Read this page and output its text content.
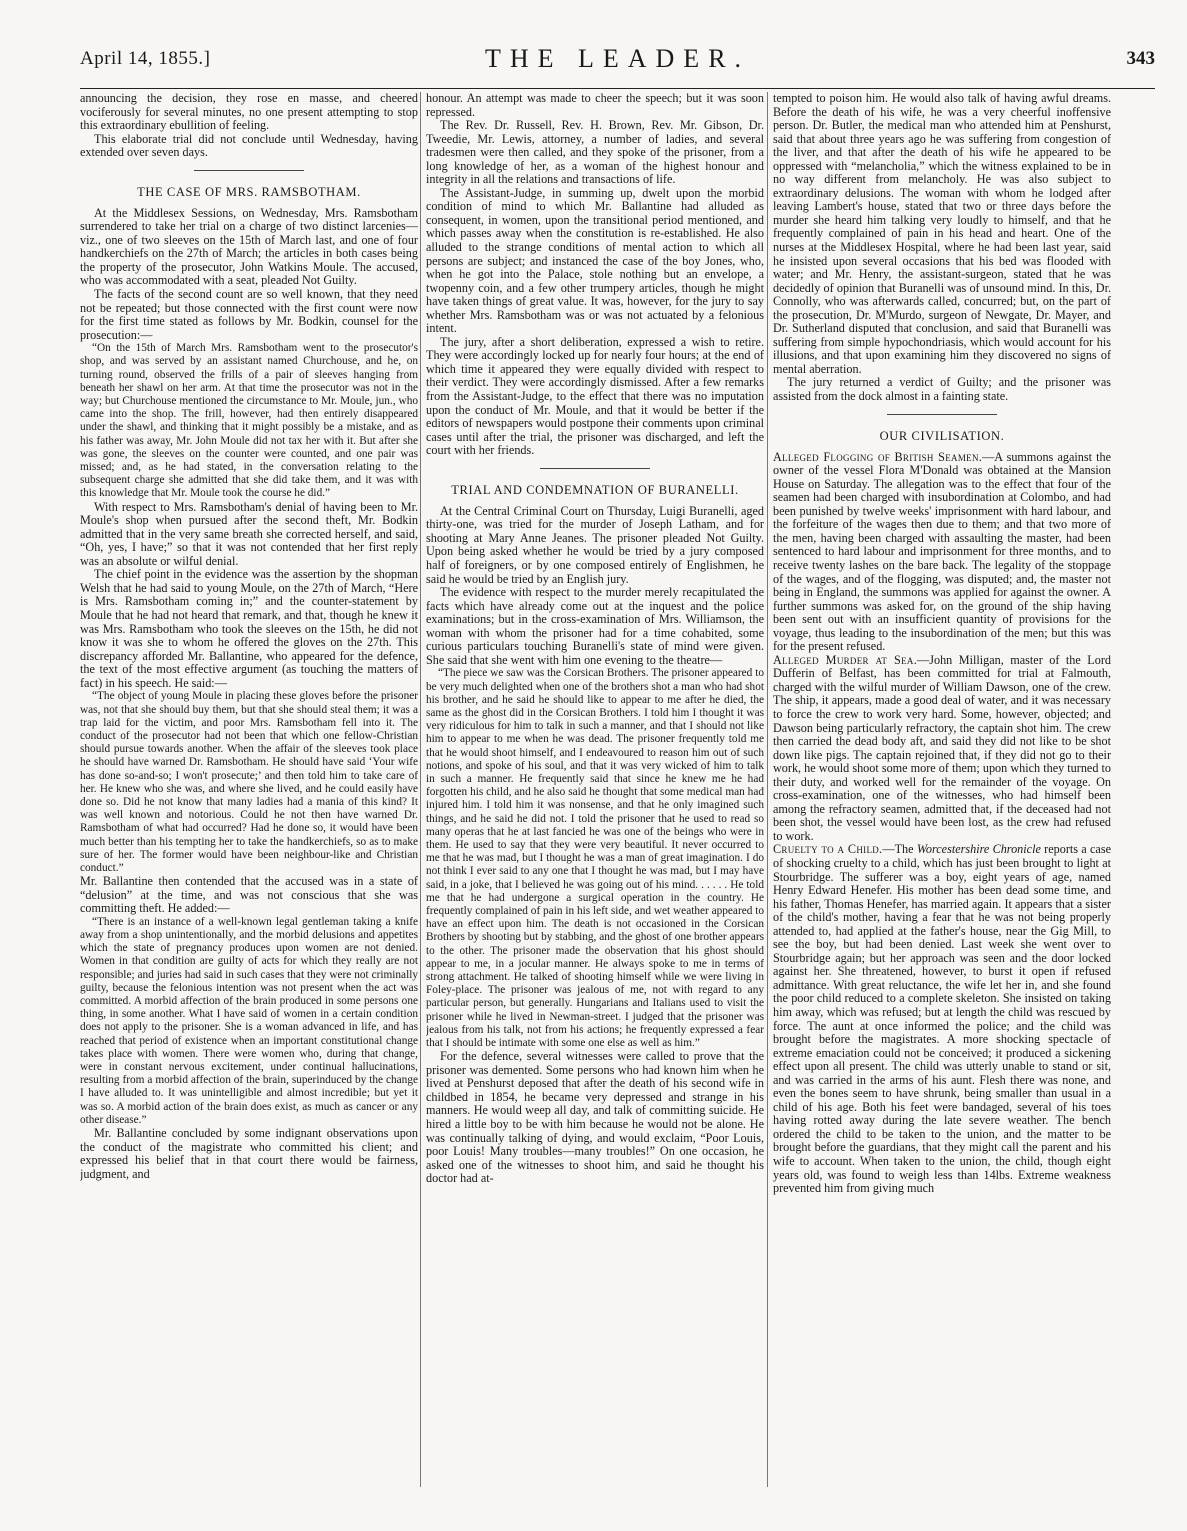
April 14, 1855.]	THE LEADER.	343

announcing the decision, they rose en masse, and cheered vociferously for several minutes, no one present attempting to stop this extraordinary ebullition of feeling.

This elaborate trial did not conclude until Wednesday, having extended over seven days.

THE CASE OF MRS. RAMSBOTHAM.

At the Middlesex Sessions, on Wednesday, Mrs. Ramsbotham surrendered to take her trial on a charge of two distinct larcenies—viz., one of two sleeves on the 15th of March last, and one of four handkerchiefs on the 27th of March; the articles in both cases being the property of the prosecutor, John Watkins Moule. The accused, who was accommodated with a seat, pleaded Not Guilty.

The facts of the second count are so well known, that they need not be repeated; but those connected with the first count were now for the first time stated as follows by Mr. Bodkin, counsel for the prosecution:—

“On the 15th of March Mrs. Ramsbotham went to the prosecutor's shop, and was served by an assistant named Churchouse, and he, on turning round, observed the frills of a pair of sleeves hanging from beneath her shawl on her arm. At that time the prosecutor was not in the way; but Churchouse mentioned the circumstance to Mr. Moule, jun., who came into the shop. The frill, however, had then entirely disappeared under the shawl, and thinking that it might possibly be a mistake, and as his father was away, Mr. John Moule did not tax her with it. But after she was gone, the sleeves on the counter were counted, and one pair was missed; and, as he had stated, in the conversation relating to the subsequent charge she admitted that she did take them, and it was with this knowledge that Mr. Moule took the course he did.”

With respect to Mrs. Ramsbotham's denial of having been to Mr. Moule's shop when pursued after the second theft, Mr. Bodkin admitted that in the very same breath she corrected herself, and said, “Oh, yes, I have;” so that it was not contended that her first reply was an absolute or wilful denial.

The chief point in the evidence was the assertion by the shopman Welsh that he had said to young Moule, on the 27th of March, “Here is Mrs. Ramsbotham coming in;” and the counter-statement by Moule that he had not heard that remark, and that, though he knew it was Mrs. Ramsbotham who took the sleeves on the 15th, he did not know it was she to whom he offered the gloves on the 27th. This discrepancy afforded Mr. Ballantine, who appeared for the defence, the text of the most effective argument (as touching the matters of fact) in his speech. He said:—

“The object of young Moule in placing these gloves before the prisoner was, not that she should buy them, but that she should steal them; it was a trap laid for the victim, and poor Mrs. Ramsbotham fell into it. The conduct of the prosecutor had not been that which one fellow-Christian should pursue towards another. When the affair of the sleeves took place he should have warned Dr. Ramsbotham. He should have said ‘Your wife has done so-and-so; I won't prosecute;’ and then told him to take care of her. He knew who she was, and where she lived, and he could easily have done so. Did he not know that many ladies had a mania of this kind? It was well known and notorious. Could he not then have warned Dr. Ramsbotham of what had occurred? Had he done so, it would have been much better than his tempting her to take the handkerchiefs, so as to make sure of her. The former would have been neighbour-like and Christian conduct.”

Mr. Ballantine then contended that the accused was in a state of “delusion” at the time, and was not conscious that she was committing theft. He added:—

“There is an instance of a well-known legal gentleman taking a knife away from a shop unintentionally, and the morbid delusions and appetites which the state of pregnancy produces upon women are not denied. Women in that condition are guilty of acts for which they really are not responsible; and juries had said in such cases that they were not criminally guilty, because the felonious intention was not present when the act was committed. A morbid affection of the brain produced in some persons one thing, in some another. What I have said of women in a certain condition does not apply to the prisoner. She is a woman advanced in life, and has reached that period of existence when an important constitutional change takes place with women. There were women who, during that change, were in constant nervous excitement, under continual hallucinations, resulting from a morbid affection of the brain, superinduced by the change I have alluded to. It was unintelligible and almost incredible; but yet it was so. A morbid action of the brain does exist, as much as cancer or any other disease.”

Mr. Ballantine concluded by some indignant observations upon the conduct of the magistrate who committed his client; and expressed his belief that in that court there would be fairness, judgment, and

honour. An attempt was made to cheer the speech; but it was soon repressed.

The Rev. Dr. Russell, Rev. H. Brown, Rev. Mr. Gibson, Dr. Tweedie, Mr. Lewis, attorney, a number of ladies, and several tradesmen were then called, and they spoke of the prisoner, from a long knowledge of her, as a woman of the highest honour and integrity in all the relations and transactions of life.

The Assistant-Judge, in summing up, dwelt upon the morbid condition of mind to which Mr. Ballantine had alluded as consequent, in women, upon the transitional period mentioned, and which passes away when the constitution is re-established. He also alluded to the strange conditions of mental action to which all persons are subject; and instanced the case of the boy Jones, who, when he got into the Palace, stole nothing but an envelope, a twopenny coin, and a few other trumpery articles, though he might have taken things of great value. It was, however, for the jury to say whether Mrs. Ramsbotham was or was not actuated by a felonious intent.

The jury, after a short deliberation, expressed a wish to retire. They were accordingly locked up for nearly four hours; at the end of which time it appeared they were equally divided with respect to their verdict. They were accordingly dismissed. After a few remarks from the Assistant-Judge, to the effect that there was no imputation upon the conduct of Mr. Moule, and that it would be better if the editors of newspapers would postpone their comments upon criminal cases until after the trial, the prisoner was discharged, and left the court with her friends.

TRIAL AND CONDEMNATION OF BURANELLI.

At the Central Criminal Court on Thursday, Luigi Buranelli, aged thirty-one, was tried for the murder of Joseph Latham, and for shooting at Mary Anne Jeanes. The prisoner pleaded Not Guilty. Upon being asked whether he would be tried by a jury composed half of foreigners, or by one composed entirely of Englishmen, he said he would be tried by an English jury.

The evidence with respect to the murder merely recapitulated the facts which have already come out at the inquest and the police examinations; but in the cross-examination of Mrs. Williamson, the woman with whom the prisoner had for a time cohabited, some curious particulars touching Buranelli's state of mind were given. She said that she went with him one evening to the theatre—

“The piece we saw was the Corsican Brothers. The prisoner appeared to be very much delighted when one of the brothers shot a man who had shot his brother, and he said he should like to appear to me after he died, the same as the ghost did in the Corsican Brothers. I told him I thought it was very ridiculous for him to talk in such a manner, and that I should not like him to appear to me when he was dead. The prisoner frequently told me that he would shoot himself, and I endeavoured to reason him out of such notions, and spoke of his soul, and that it was very wicked of him to talk in such a manner. He frequently said that since he knew me he had forgotten his child, and he also said he thought that some medical man had injured him. I told him it was nonsense, and that he only imagined such things, and he said he did not. I told the prisoner that he used to read so many operas that he at last fancied he was one of the beings who were in them. He used to say that they were very beautiful. It never occurred to me that he was mad, but I thought he was a man of great imagination. I do not think I ever said to any one that I thought he was mad, but I may have said, in a joke, that I believed he was going out of his mind. . . . . . He told me that he had undergone a surgical operation in the country. He frequently complained of pain in his left side, and wet weather appeared to have an effect upon him. The death is not occasioned in the Corsican Brothers by shooting but by stabbing, and the ghost of one brother appears to the other. The prisoner made the observation that his ghost should appear to me, in a jocular manner. He always spoke to me in terms of strong attachment. He talked of shooting himself while we were living in Foley-place. The prisoner was jealous of me, not with regard to any particular person, but generally. Hungarians and Italians used to visit the prisoner while he lived in Newman-street. I judged that the prisoner was jealous from his talk, not from his actions; he frequently expressed a fear that I should be intimate with some one else as well as him.”

For the defence, several witnesses were called to prove that the prisoner was demented. Some persons who had known him when he lived at Penshurst deposed that after the death of his second wife in childbed in 1854, he became very depressed and strange in his manners. He would weep all day, and talk of committing suicide. He hired a little boy to be with him because he would not be alone. He was continually talking of dying, and would exclaim, “Poor Louis, poor Louis! Many troubles—many troubles!” On one occasion, he asked one of the witnesses to shoot him, and said he thought his doctor had at-

tempted to poison him. He would also talk of having awful dreams. Before the death of his wife, he was a very cheerful inoffensive person. Dr. Butler, the medical man who attended him at Penshurst, said that about three years ago he was suffering from congestion of the liver, and that after the death of his wife he appeared to be oppressed with “melancholia,” which the witness explained to be in no way different from melancholy. He was also subject to extraordinary delusions. The woman with whom he lodged after leaving Lambert's house, stated that two or three days before the murder she heard him talking very loudly to himself, and that he frequently complained of pain in his head and heart. One of the nurses at the Middlesex Hospital, where he had been last year, said he insisted upon several occasions that his bed was flooded with water; and Mr. Henry, the assistant-surgeon, stated that he was decidedly of opinion that Buranelli was of unsound mind. In this, Dr. Connolly, who was afterwards called, concurred; but, on the part of the prosecution, Dr. M'Murdo, surgeon of Newgate, Dr. Mayer, and Dr. Sutherland disputed that conclusion, and said that Buranelli was suffering from simple hypochondriasis, which would account for his illusions, and that upon examining him they discovered no signs of mental aberration.

The jury returned a verdict of Guilty; and the prisoner was assisted from the dock almost in a fainting state.

OUR CIVILISATION.

Alleged Flogging of British Seamen.—A summons against the owner of the vessel Flora M'Donald was obtained at the Mansion House on Saturday. The allegation was to the effect that four of the seamen had been charged with insubordination at Colombo, and had been punished by twelve weeks' imprisonment with hard labour, and the forfeiture of the wages then due to them; and that two more of the men, having been charged with assaulting the master, had been sentenced to hard labour and imprisonment for three months, and to receive twenty lashes on the bare back. The legality of the stoppage of the wages, and of the flogging, was disputed; and, the master not being in England, the summons was applied for against the owner. A further summons was asked for, on the ground of the ship having been sent out with an insufficient quantity of provisions for the voyage, thus leading to the insubordination of the men; but this was for the present refused.

Alleged Murder at Sea.—John Milligan, master of the Lord Dufferin of Belfast, has been committed for trial at Falmouth, charged with the wilful murder of William Dawson, one of the crew. The ship, it appears, made a good deal of water, and it was necessary to force the crew to work very hard. Some, however, objected; and Dawson being particularly refractory, the captain shot him. The crew then carried the dead body aft, and said they did not like to be shot down like pigs. The captain rejoined that, if they did not go to their work, he would shoot some more of them; upon which they turned to their duty, and worked well for the remainder of the voyage. On cross-examination, one of the witnesses, who had himself been among the refractory seamen, admitted that, if the deceased had not been shot, the vessel would have been lost, as the crew had refused to work.

Cruelty to a Child.—The Worcestershire Chronicle reports a case of shocking cruelty to a child, which has just been brought to light at Stourbridge. The sufferer was a boy, eight years of age, named Henry Edward Henefer. His mother has been dead some time, and his father, Thomas Henefer, has married again. It appears that a sister of the child's mother, having a fear that he was not being properly attended to, had applied at the father's house, near the Gig Mill, to see the boy, but had been denied. Last week she went over to Stourbridge again; but her approach was seen and the door locked against her. She threatened, however, to burst it open if refused admittance. With great reluctance, the wife let her in, and she found the poor child reduced to a complete skeleton. She insisted on taking him away, which was refused; but at length the child was rescued by force. The aunt at once informed the police; and the child was brought before the magistrates. A more shocking spectacle of extreme emaciation could not be conceived; it produced a sickening effect upon all present. The child was utterly unable to stand or sit, and was carried in the arms of his aunt. Flesh there was none, and even the bones seem to have shrunk, being smaller than usual in a child of his age. Both his feet were bandaged, several of his toes having rotted away during the late severe weather. The bench ordered the child to be taken to the union, and the matter to be brought before the guardians, that they might call the parent and his wife to account. When taken to the union, the child, though eight years old, was found to weigh less than 14lbs. Extreme weakness prevented him from giving much
